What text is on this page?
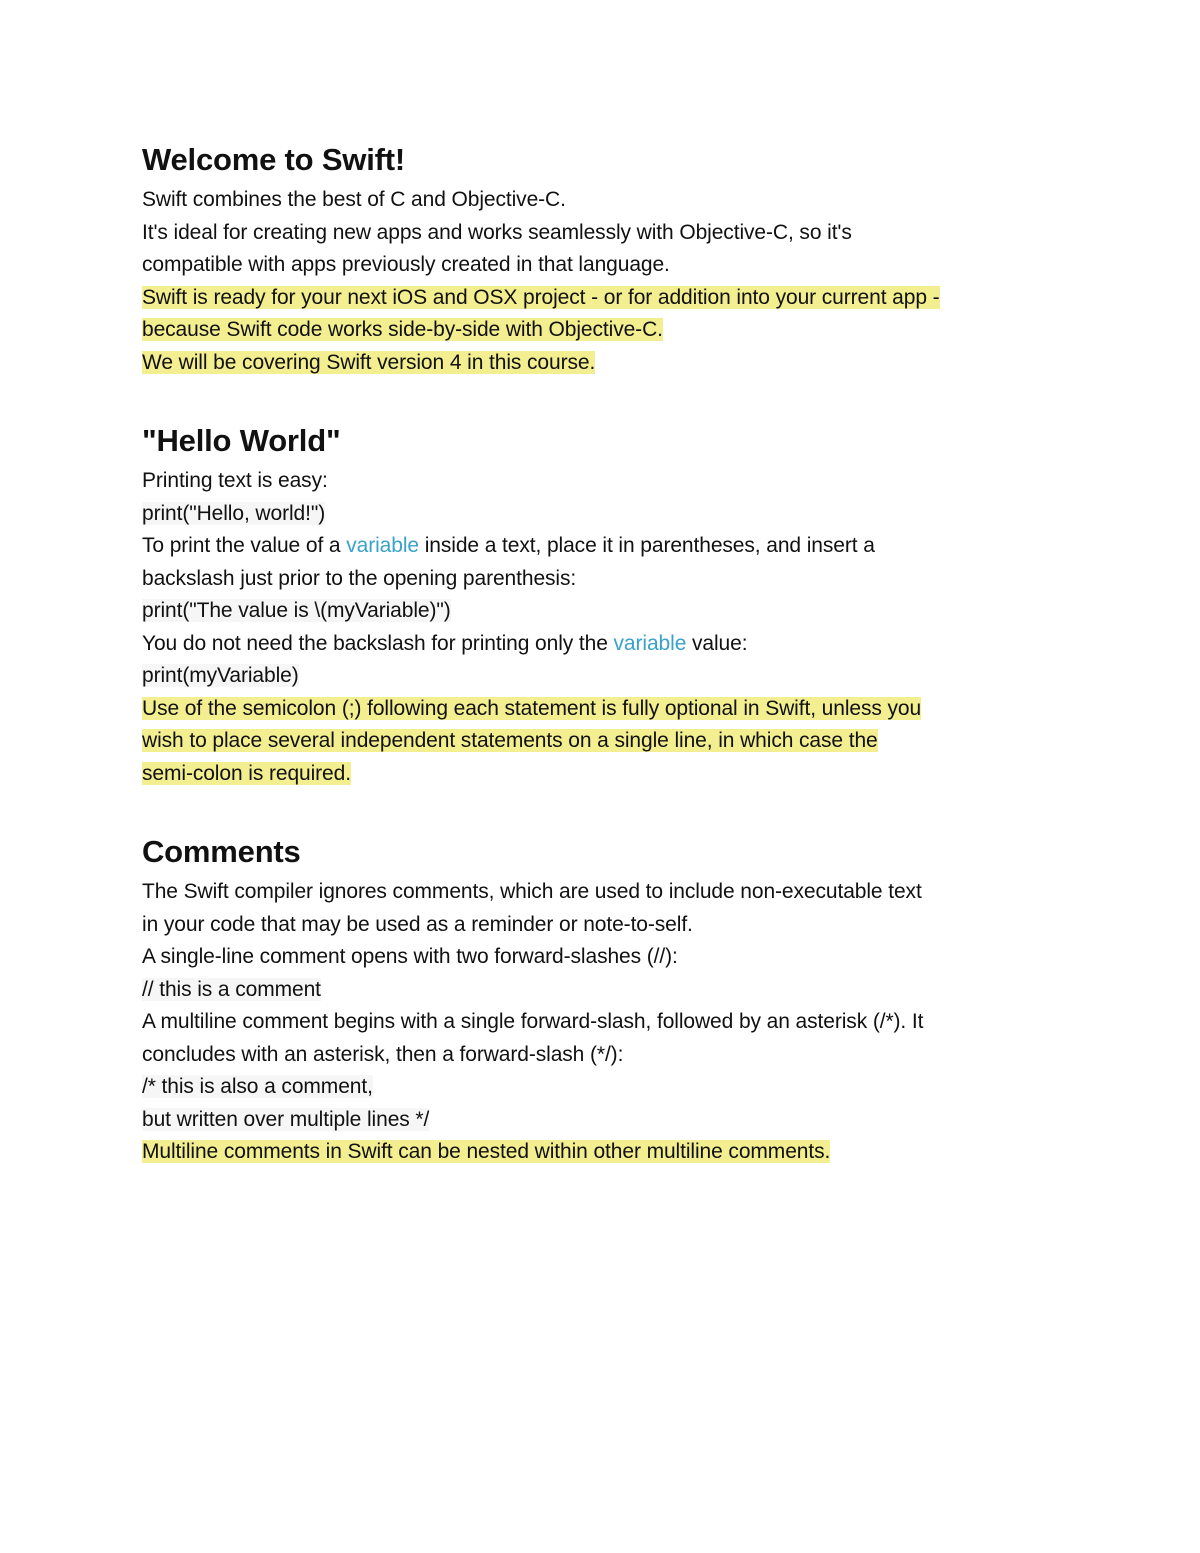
Welcome to Swift!
Swift combines the best of C and Objective-C.
It's ideal for creating new apps and works seamlessly with Objective-C, so it's
compatible with apps previously created in that language.
Swift is ready for your next iOS and OSX project - or for addition into your current app -
because Swift code works side-by-side with Objective-C.
We will be covering Swift version 4 in this course.
"Hello World"
Printing text is easy:
print("Hello, world!")
To print the value of a variable inside a text, place it in parentheses, and insert a
backslash just prior to the opening parenthesis:
print("The value is \(myVariable)")
You do not need the backslash for printing only the variable value:
print(myVariable)
Use of the semicolon (;) following each statement is fully optional in Swift, unless you
wish to place several independent statements on a single line, in which case the
semi-colon is required.
Comments
The Swift compiler ignores comments, which are used to include non-executable text
in your code that may be used as a reminder or note-to-self.
A single-line comment opens with two forward-slashes (//):
// this is a comment
A multiline comment begins with a single forward-slash, followed by an asterisk (/*). It
concludes with an asterisk, then a forward-slash (*/):
/* this is also a comment,
but written over multiple lines */
Multiline comments in Swift can be nested within other multiline comments.
